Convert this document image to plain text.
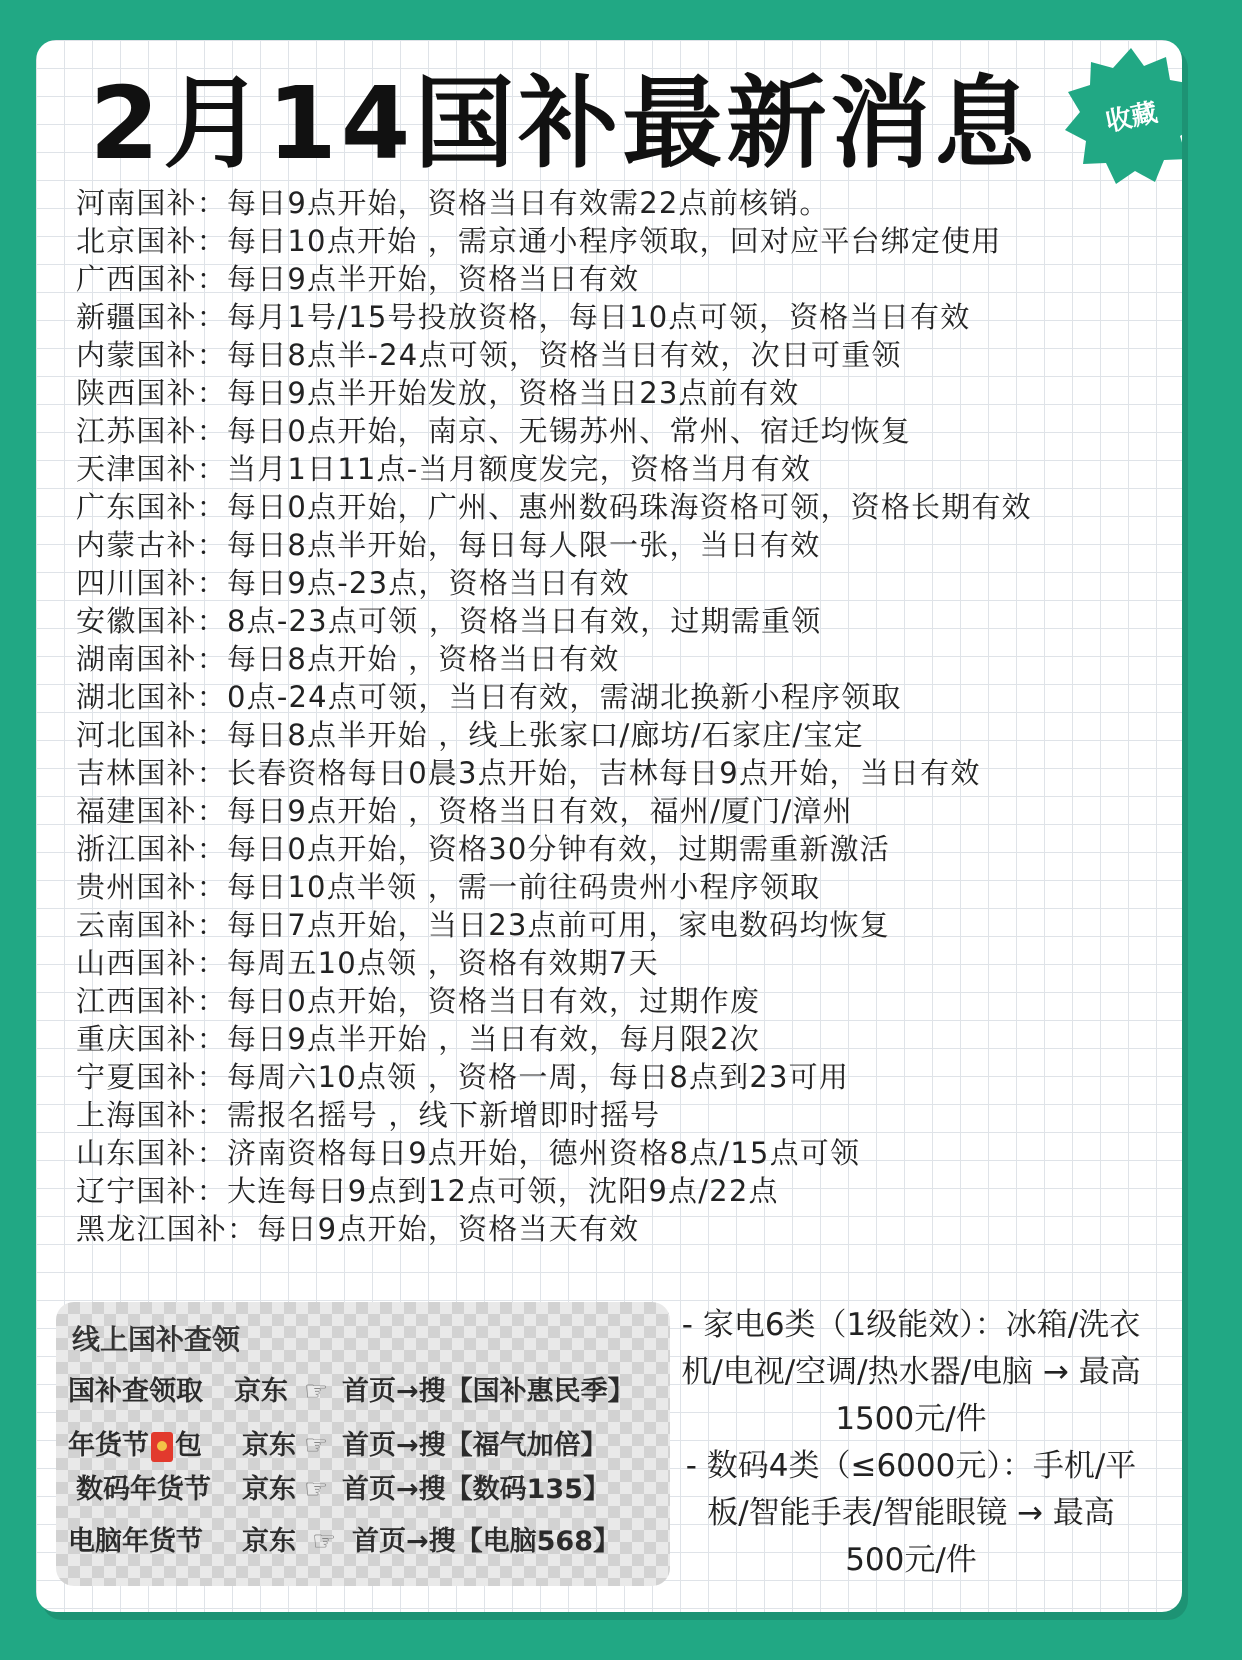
2月14国补最新消息	收藏
河南国补：每日9点开始，资格当日有效需22点前核销。
北京国补：每日10点开始 ，需京通小程序领取，回对应平台绑定使用
广西国补：每日9点半开始，资格当日有效
新疆国补：每月1号/15号投放资格，每日10点可领，资格当日有效
内蒙国补：每日8点半-24点可领，资格当日有效，次日可重领
陕西国补：每日9点半开始发放，资格当日23点前有效
江苏国补：每日0点开始，南京、无锡苏州、常州、宿迁均恢复
天津国补：当月1日11点-当月额度发完，资格当月有效
广东国补：每日0点开始，广州、惠州数码珠海资格可领，资格长期有效
内蒙古补：每日8点半开始，每日每人限一张，当日有效
四川国补：每日9点-23点，资格当日有效
安徽国补：8点-23点可领 ，资格当日有效，过期需重领
湖南国补：每日8点开始 ，资格当日有效
湖北国补：0点-24点可领，当日有效，需湖北换新小程序领取
河北国补：每日8点半开始 ，线上张家口/廊坊/石家庄/宝定
吉林国补：长春资格每日0晨3点开始，吉林每日9点开始，当日有效
福建国补：每日9点开始 ，资格当日有效，福州/厦门/漳州
浙江国补：每日0点开始，资格30分钟有效，过期需重新激活
贵州国补：每日10点半领 ，需一前往码贵州小程序领取
云南国补：每日7点开始，当日23点前可用，家电数码均恢复
山西国补：每周五10点领 ，资格有效期7天
江西国补：每日0点开始，资格当日有效，过期作废
重庆国补：每日9点半开始 ，当日有效，每月限2次
宁夏国补：每周六10点领 ，资格一周，每日8点到23可用
上海国补：需报名摇号 ，线下新增即时摇号
山东国补：济南资格每日9点开始，德州资格8点/15点可领
辽宁国补：大连每日9点到12点可领，沈阳9点/22点
黑龙江国补：每日9点开始，资格当天有效
线上国补查领
国补查领取 京东 ☞ 首页→搜【国补惠民季】
年货节 包 京东 ☞ 首页→搜【福气加倍】
数码年货节 京东 ☞ 首页→搜【数码135】
电脑年货节 京东 ☞ 首页→搜【电脑568】

- 家电6类（1级能效）：冰箱/洗衣机/电视/空调/热水器/电脑 → 最高1500元/件

- 数码4类（≤6000元）：手机/平板/智能手表/智能眼镜 → 最高500元/件
